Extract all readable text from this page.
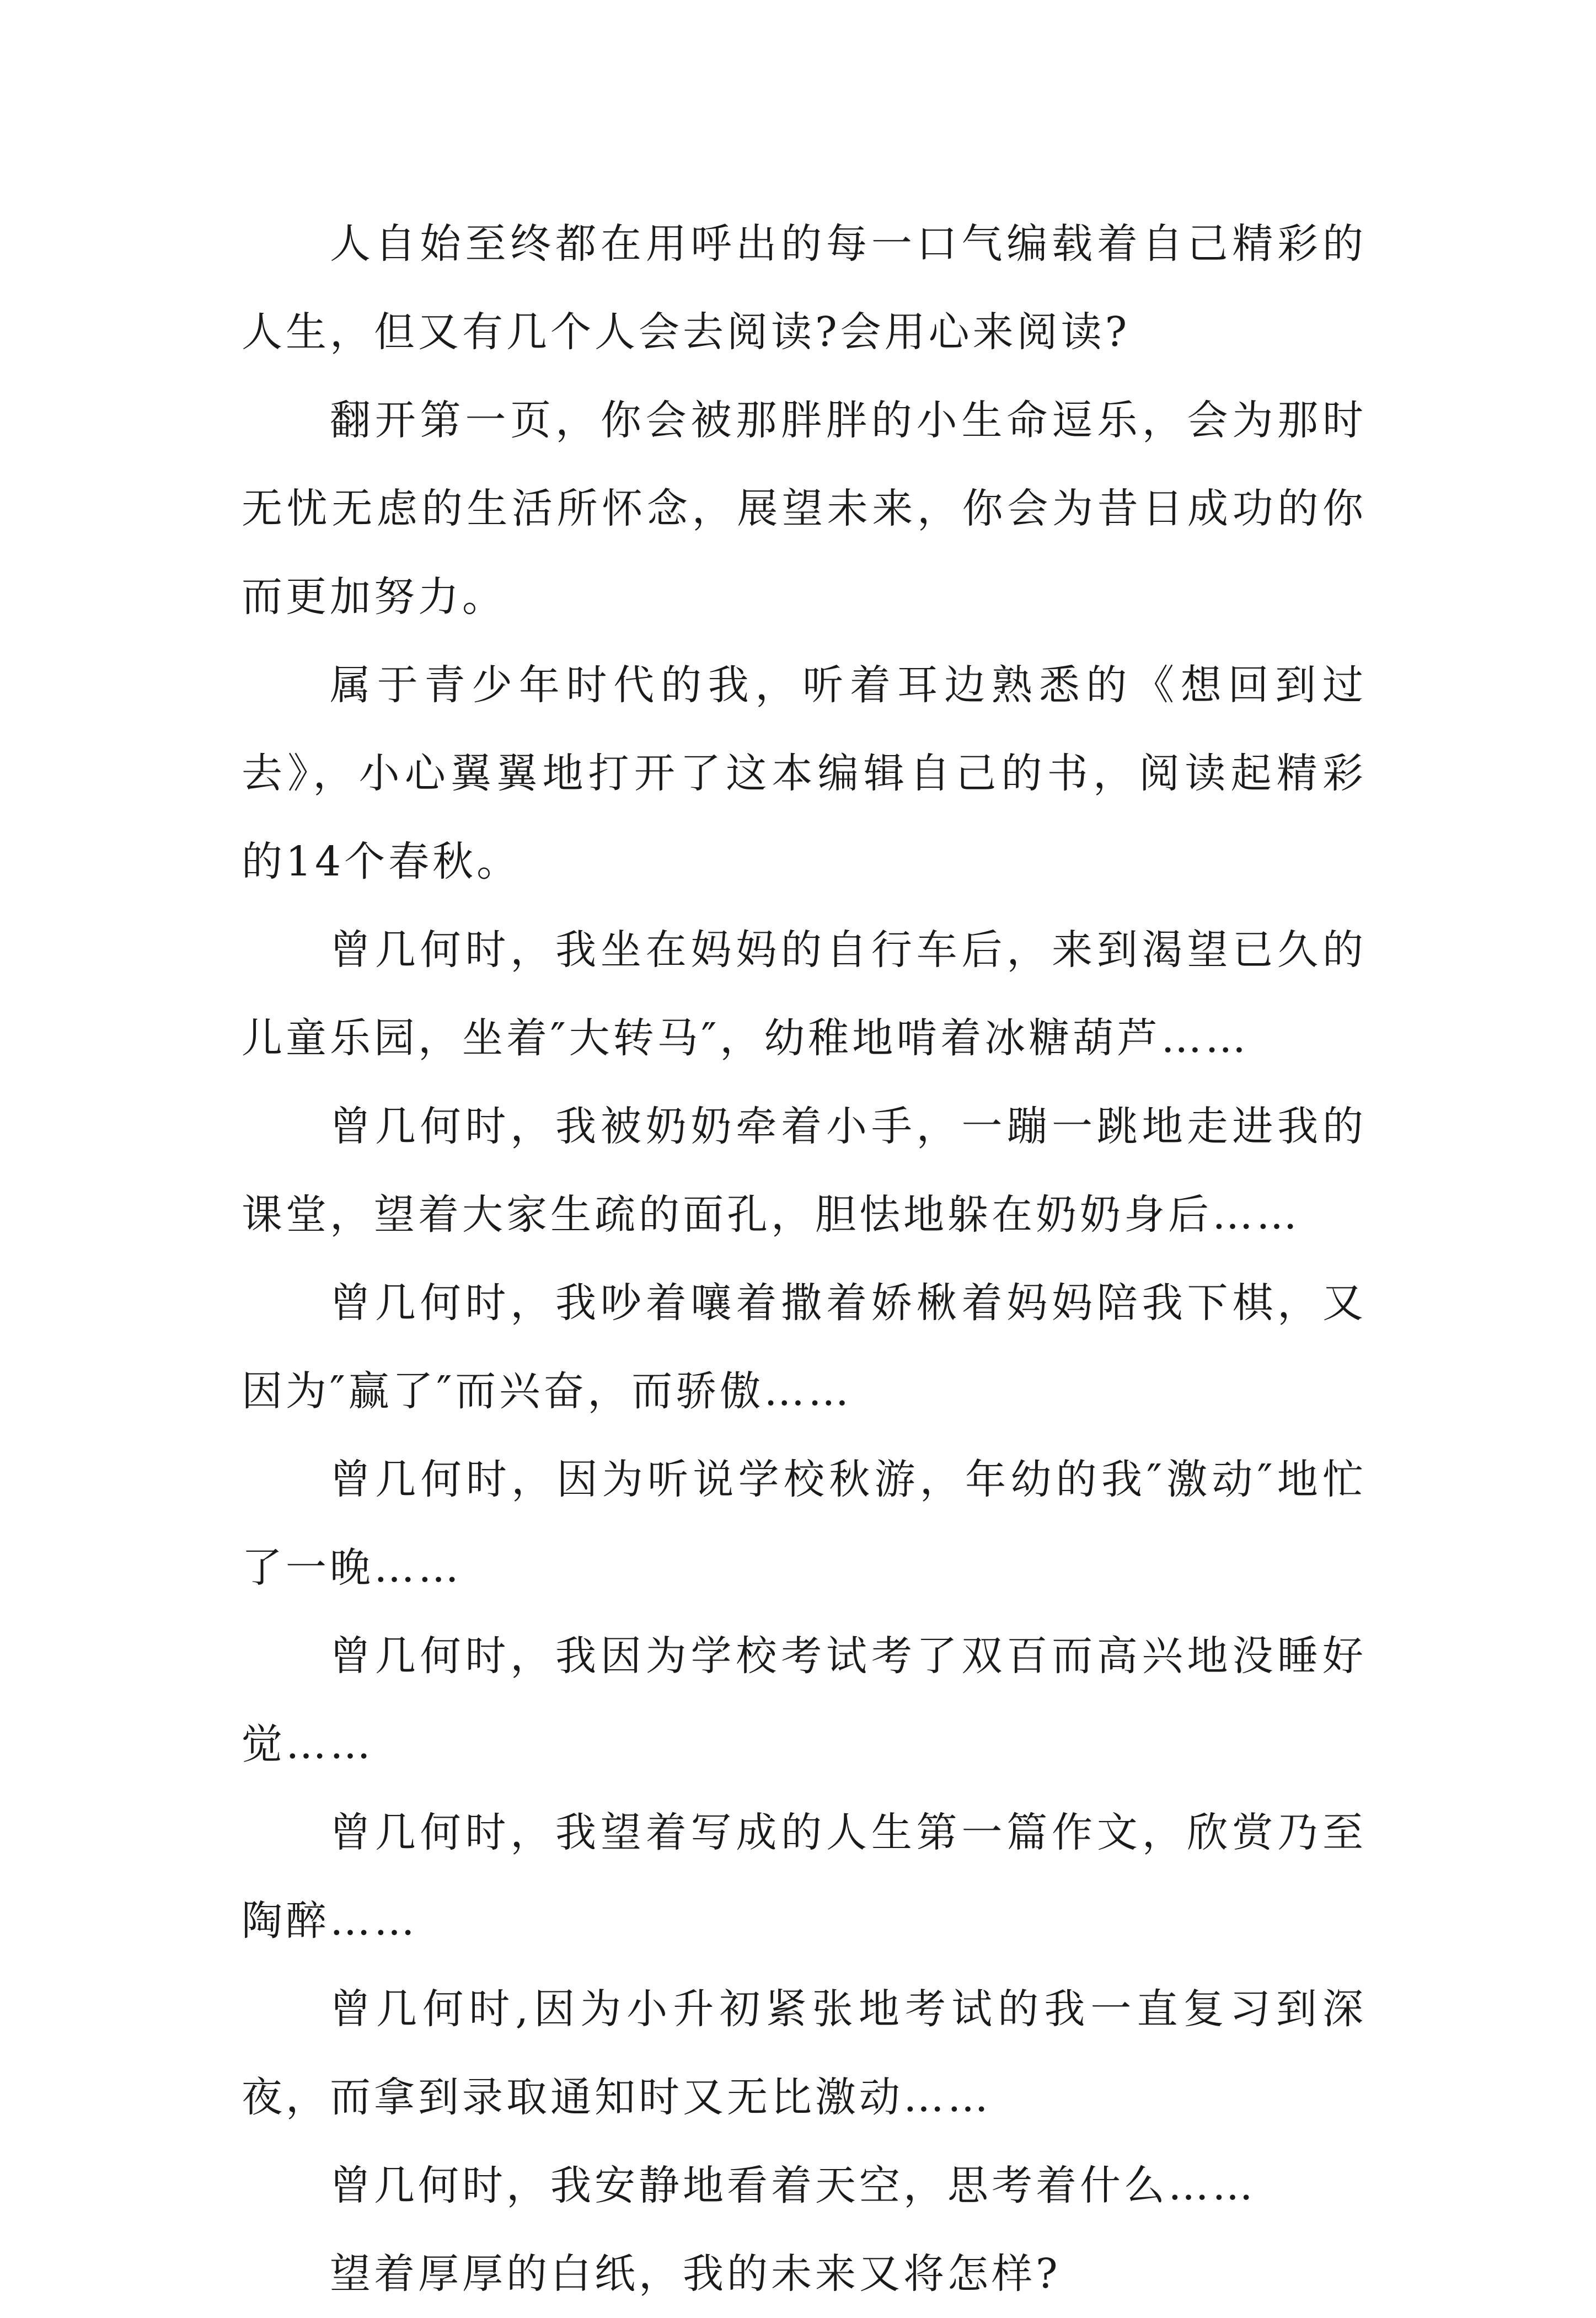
人自始至终都在用呼出的每一口气编载着自己精彩的人生，但又有几个人会去阅读?会用心来阅读?

翻开第一页，你会被那胖胖的小生命逗乐，会为那时无忧无虑的生活所怀念，展望未来，你会为昔日成功的你而更加努力。

属于青少年时代的我，听着耳边熟悉的《想回到过去》，小心翼翼地打开了这本编辑自己的书，阅读起精彩的14个春秋。

曾几何时，我坐在妈妈的自行车后，来到渴望已久的儿童乐园，坐着″大转马″，幼稚地啃着冰糖葫芦……

曾几何时，我被奶奶牵着小手，一蹦一跳地走进我的课堂，望着大家生疏的面孔，胆怯地躲在奶奶身后……

曾几何时，我吵着嚷着撒着娇楸着妈妈陪我下棋，又因为″赢了″而兴奋，而骄傲……

曾几何时，因为听说学校秋游，年幼的我″激动″地忙了一晚……

曾几何时，我因为学校考试考了双百而高兴地没睡好觉……

曾几何时，我望着写成的人生第一篇作文，欣赏乃至陶醉……

曾几何时,因为小升初紧张地考试的我一直复习到深夜，而拿到录取通知时又无比激动……

曾几何时，我安静地看着天空，思考着什么……

望着厚厚的白纸，我的未来又将怎样?
